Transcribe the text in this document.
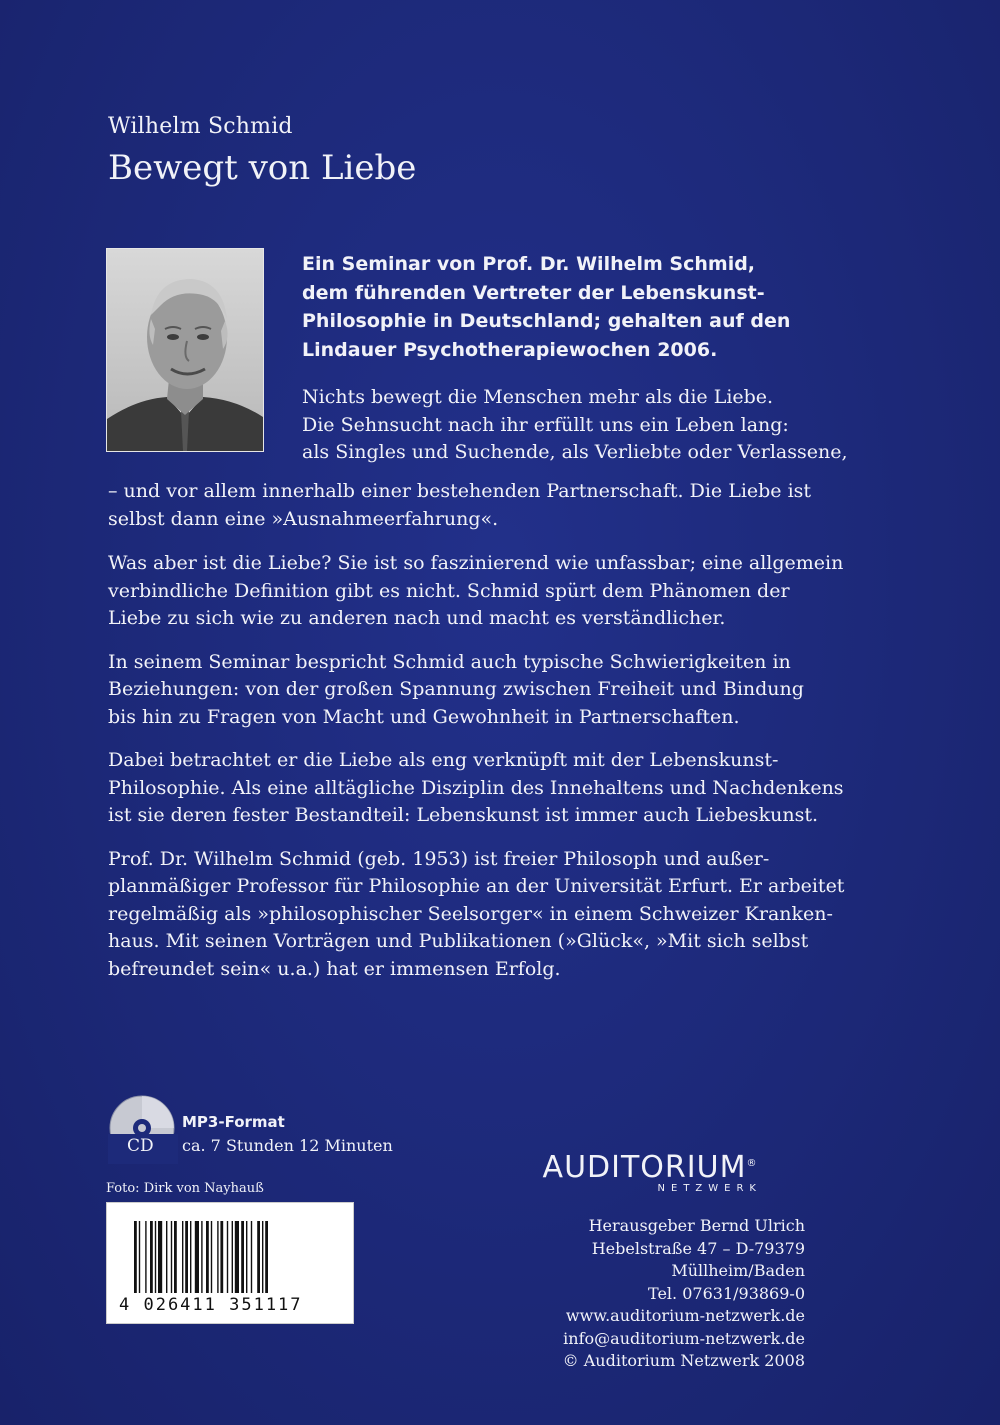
Wilhelm Schmid
Bewegt von Liebe

Ein Seminar von Prof. Dr. Wilhelm Schmid,

dem führenden Vertreter der Lebenskunst-

Philosophie in Deutschland; gehalten auf den

Lindauer Psychotherapiewochen 2006.

Nichts bewegt die Menschen mehr als die Liebe.

Die Sehnsucht nach ihr erfüllt uns ein Leben lang:

als Singles und Suchende, als Verliebte oder Verlassene,

– und vor allem innerhalb einer bestehenden Partnerschaft. Die Liebe ist

selbst dann eine »Ausnahmeerfahrung«.

Was aber ist die Liebe? Sie ist so faszinierend wie unfassbar; eine allgemein
verbindliche Definition gibt es nicht. Schmid spürt dem Phänomen der
Liebe zu sich wie zu anderen nach und macht es verständlicher.

In seinem Seminar bespricht Schmid auch typische Schwierigkeiten in
Beziehungen: von der großen Spannung zwischen Freiheit und Bindung
bis hin zu Fragen von Macht und Gewohnheit in Partnerschaften.

Dabei betrachtet er die Liebe als eng verknüpft mit der Lebenskunst-
Philosophie. Als eine alltägliche Disziplin des Innehaltens und Nachdenkens
ist sie deren fester Bestandteil: Lebenskunst ist immer auch Liebeskunst.

Prof. Dr. Wilhelm Schmid (geb. 1953) ist freier Philosoph und außer-
planmäßiger Professor für Philosophie an der Universität Erfurt. Er arbeitet
regelmäßig als »philosophischer Seelsorger« in einem Schweizer Kranken-
haus. Mit seinen Vorträgen und Publikationen (»Glück«, »Mit sich selbst
befreundet sein« u.a.) hat er immensen Erfolg.

CD
MP3-Format
ca. 7 Stunden 12 Minuten
Foto: Dirk von Nayhauß
4 026411 351117
AUDITORIUM®
NETZWERK
Herausgeber Bernd Ulrich
Hebelstraße 47 – D-79379 Müllheim/Baden
Tel. 07631/93869-0
www.auditorium-netzwerk.de
info@auditorium-netzwerk.de
© Auditorium Netzwerk 2008
